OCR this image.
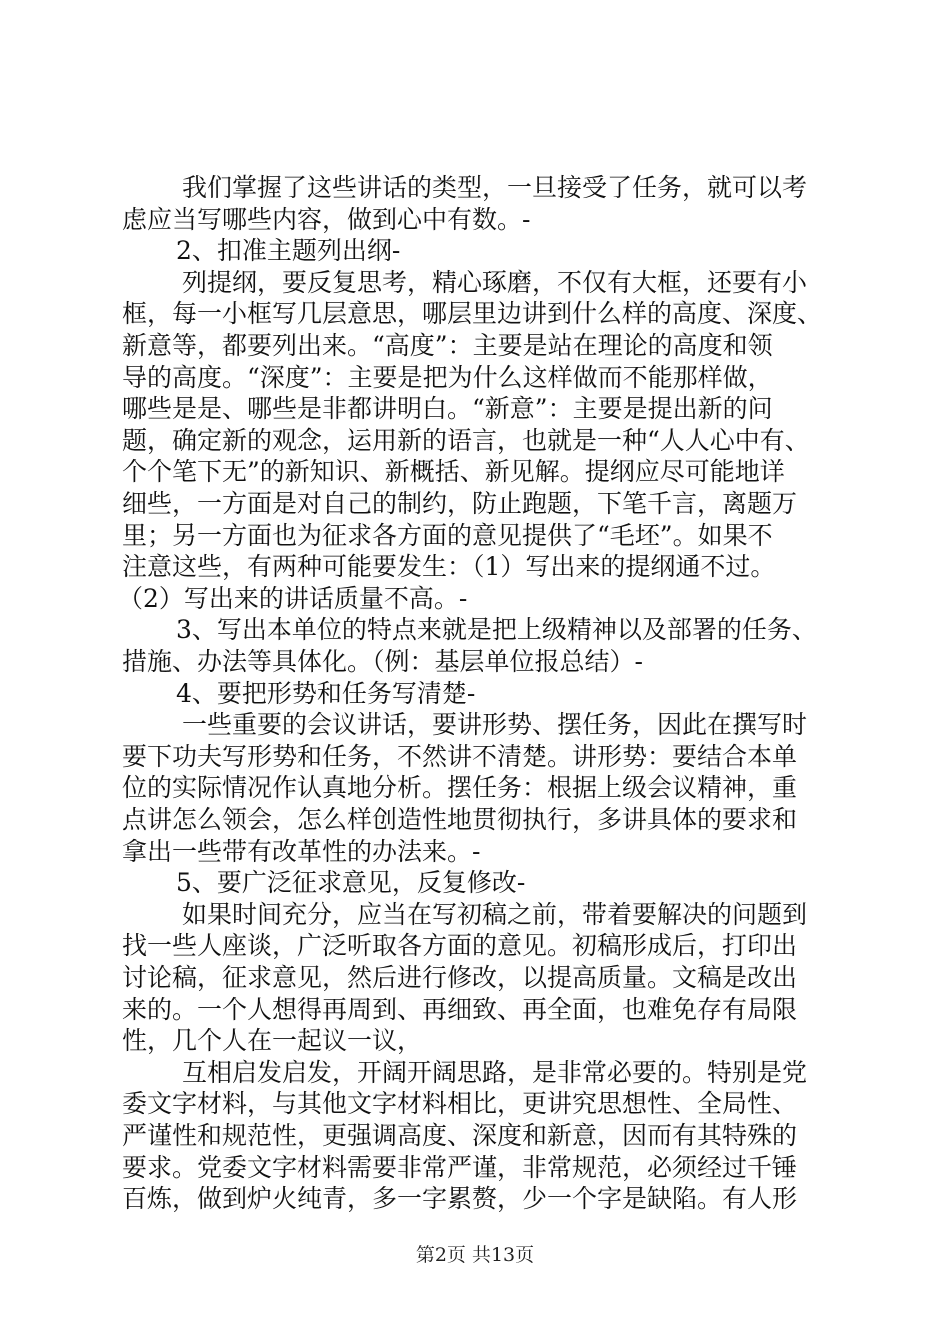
我们掌握了这些讲话的类型，一旦接受了任务，就可以考
虑应当写哪些内容，做到心中有数。-
2、扣准主题列出纲-
列提纲，要反复思考，精心琢磨，不仅有大框，还要有小
框，每一小框写几层意思，哪层里边讲到什么样的高度、深度、
新意等，都要列出来。“高度”：主要是站在理论的高度和领
导的高度。“深度”：主要是把为什么这样做而不能那样做，
哪些是是、哪些是非都讲明白。“新意”：主要是提出新的问
题，确定新的观念，运用新的语言，也就是一种“人人心中有、
个个笔下无”的新知识、新概括、新见解。提纲应尽可能地详
细些，一方面是对自己的制约，防止跑题，下笔千言，离题万
里；另一方面也为征求各方面的意见提供了“毛坯”。如果不
注意这些，有两种可能要发生：（1）写出来的提纲通不过。
（2）写出来的讲话质量不高。-
3、写出本单位的特点来就是把上级精神以及部署的任务、
措施、办法等具体化。（例：基层单位报总结）-
4、要把形势和任务写清楚-
一些重要的会议讲话，要讲形势、摆任务，因此在撰写时
要下功夫写形势和任务，不然讲不清楚。讲形势：要结合本单
位的实际情况作认真地分析。摆任务：根据上级会议精神，重
点讲怎么领会，怎么样创造性地贯彻执行，多讲具体的要求和
拿出一些带有改革性的办法来。-
5、要广泛征求意见，反复修改-
如果时间充分，应当在写初稿之前，带着要解决的问题到
找一些人座谈，广泛听取各方面的意见。初稿形成后，打印出
讨论稿，征求意见，然后进行修改，以提高质量。文稿是改出
来的。一个人想得再周到、再细致、再全面，也难免存有局限
性，几个人在一起议一议，
互相启发启发，开阔开阔思路，是非常必要的。特别是党
委文字材料，与其他文字材料相比，更讲究思想性、全局性、
严谨性和规范性，更强调高度、深度和新意，因而有其特殊的
要求。党委文字材料需要非常严谨，非常规范，必须经过千锤
百炼，做到炉火纯青，多一字累赘，少一个字是缺陷。有人形
第2页 共13页
